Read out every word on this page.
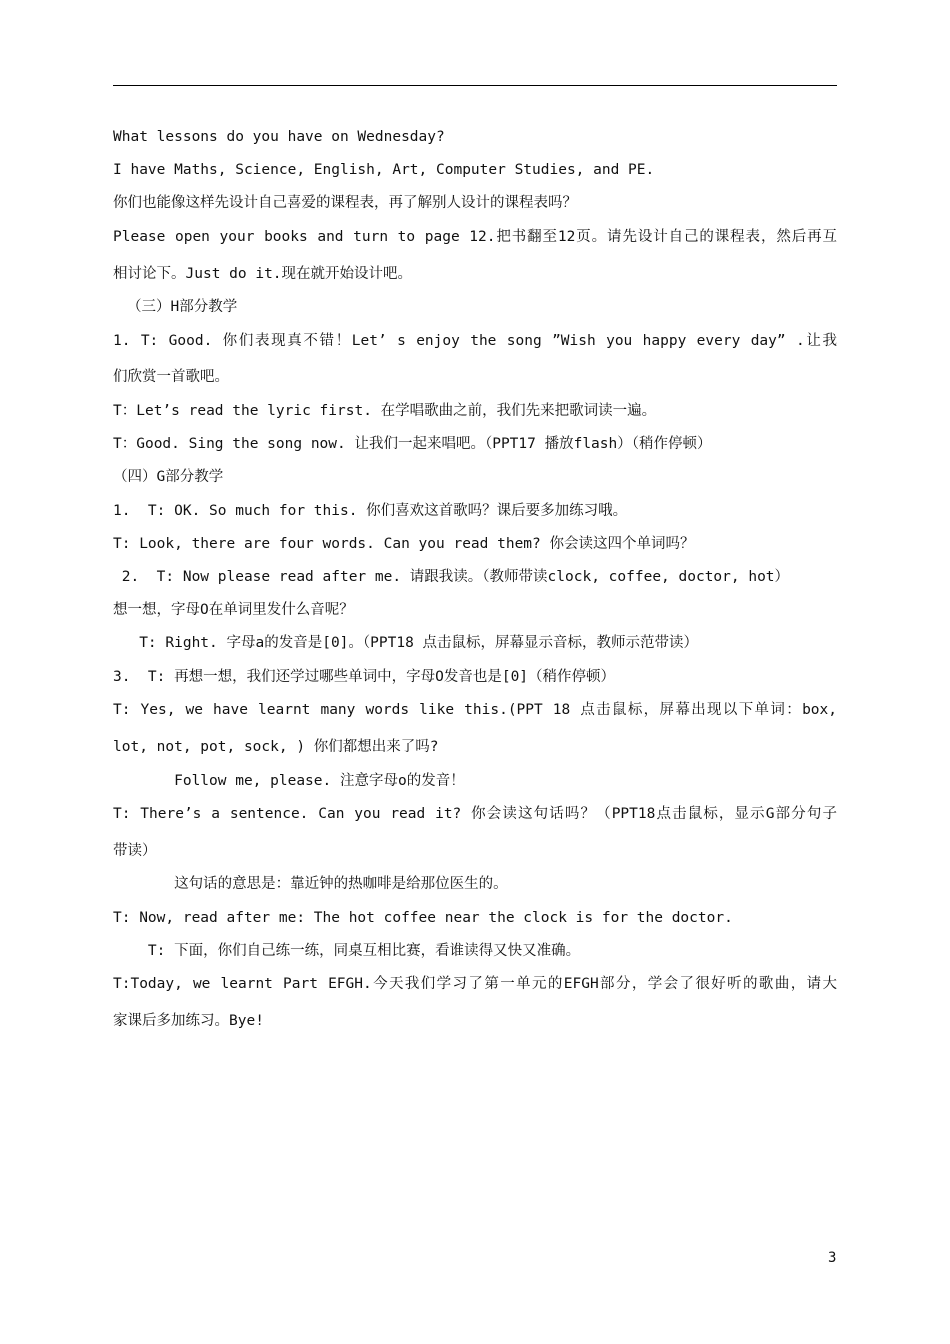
What lessons do you have on Wednesday?
I have Maths, Science, English, Art, Computer Studies, and PE.
你们也能像这样先设计自己喜爱的课程表，再了解别人设计的课程表吗？
Please open your books and turn to page 12.把书翻至12页。请先设计自己的课程表，然后再互
相讨论下。Just do it.现在就开始设计吧。
（三）H部分教学
1. T: Good. 你们表现真不错！Let’ s enjoy the song ”Wish you happy every day” .让我
们欣赏一首歌吧。
T：Let’s read the lyric first. 在学唱歌曲之前，我们先来把歌词读一遍。
T：Good. Sing the song now. 让我们一起来唱吧。（PPT17 播放flash）（稍作停顿）
（四）G部分教学
1.  T: OK. So much for this. 你们喜欢这首歌吗？课后要多加练习哦。
T: Look, there are four words. Can you read them? 你会读这四个单词吗？
2.  T: Now please read after me. 请跟我读。（教师带读clock, coffee, doctor, hot）
想一想，字母O在单词里发什么音呢？
T: Right. 字母a的发音是[0]。（PPT18 点击鼠标，屏幕显示音标，教师示范带读）
3.  T: 再想一想，我们还学过哪些单词中，字母O发音也是[0]（稍作停顿）
T: Yes, we have learnt many words like this.(PPT 18 点击鼠标，屏幕出现以下单词：box,
lot, not, pot, sock, ) 你们都想出来了吗?
Follow me, please. 注意字母o的发音！
T: There’s a sentence. Can you read it? 你会读这句话吗？（PPT18点击鼠标，显示G部分句子
带读）
这句话的意思是：靠近钟的热咖啡是给那位医生的。
T: Now, read after me: The hot coffee near the clock is for the doctor.
T: 下面，你们自己练一练，同桌互相比赛，看谁读得又快又准确。
T:Today, we learnt Part EFGH.今天我们学习了第一单元的EFGH部分，学会了很好听的歌曲，请大
家课后多加练习。Bye!
3
